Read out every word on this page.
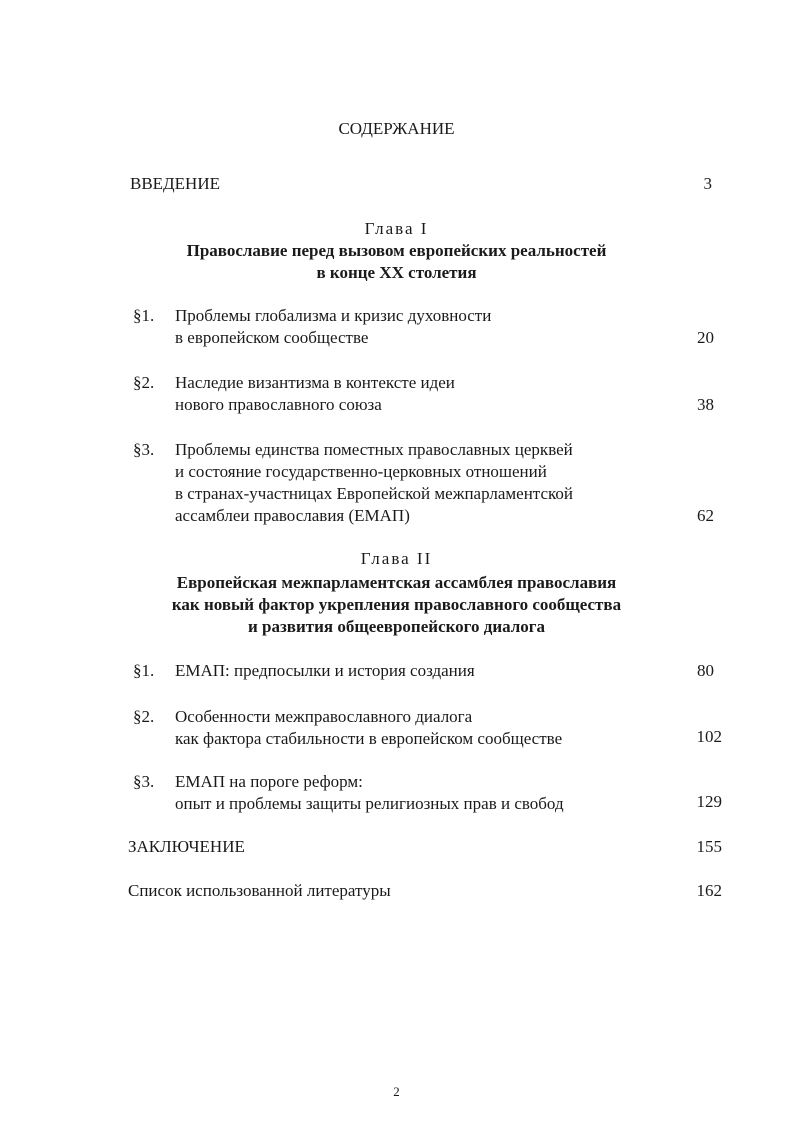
СОДЕРЖАНИЕ
ВВЕДЕНИЕ	3
Глава I
Православие перед вызовом европейских реальностей
в конце XX столетия
§1. Проблемы глобализма и кризис духовности
в европейском сообществе	20
§2. Наследие византизма в контексте идеи
нового православного союза	38
§3. Проблемы единства поместных православных церквей
и состояние государственно-церковных отношений
в странах-участницах Европейской межпарламентской
ассамблеи православия (ЕМАП)	62
Глава II
Европейская межпарламентская ассамблея православия
как новый фактор укрепления православного сообщества
и развития общеевропейского диалога
§1. ЕМАП: предпосылки и история создания	80
§2. Особенности межправославного диалога
как фактора стабильности в европейском сообществе	102
§3. ЕМАП на пороге реформ:
опыт и проблемы защиты религиозных прав и свобод	129
ЗАКЛЮЧЕНИЕ	155
Список использованной литературы	162
2
